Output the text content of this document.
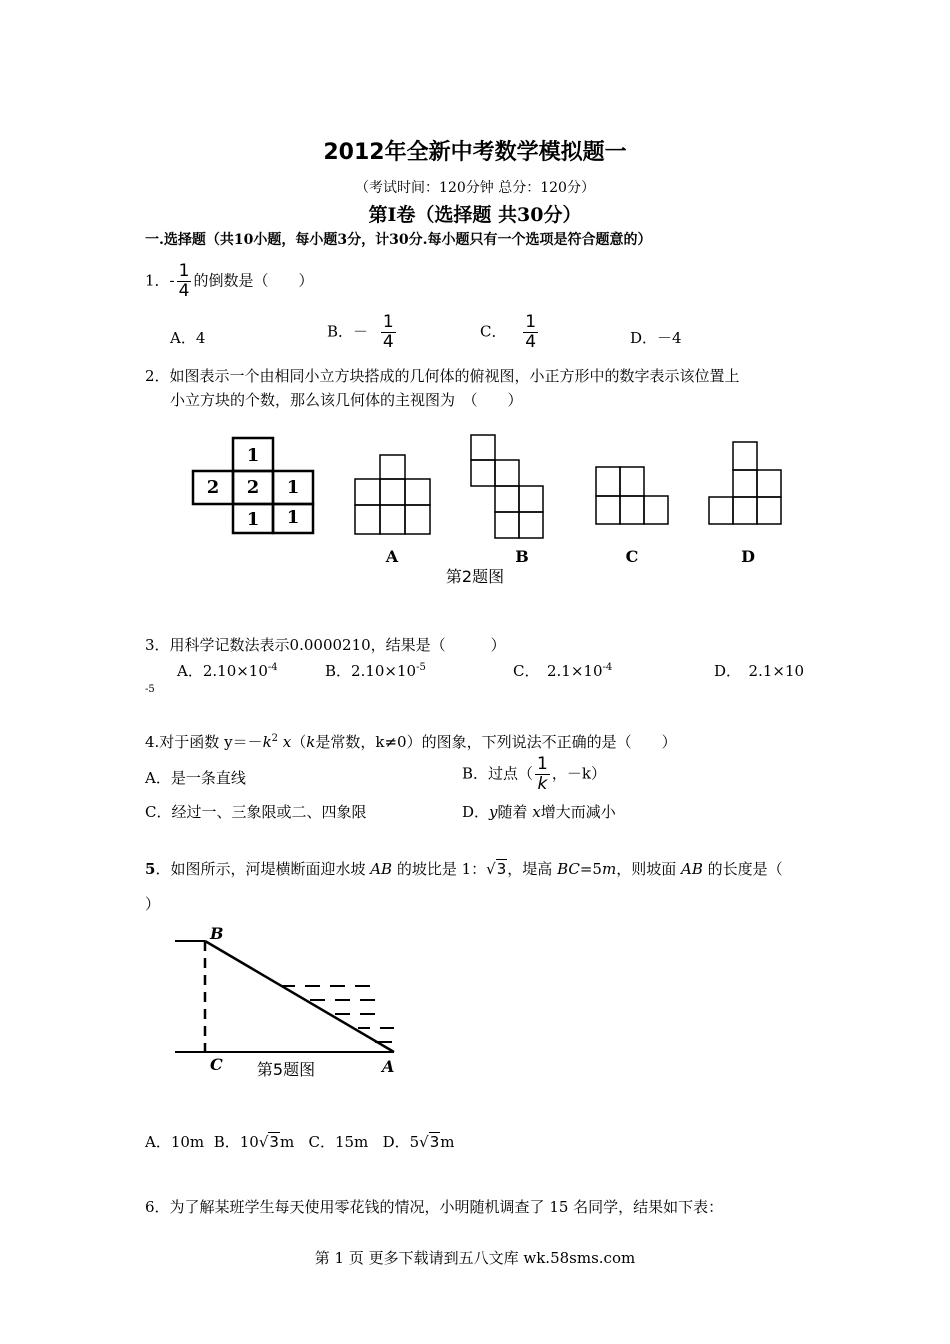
2012年全新中考数学模拟题一
（考试时间：120分钟 总分：120分）
第Ⅰ卷（选择题 共30分）
一.选择题（共10小题，每小题3分，计30分.每小题只有一个选项是符合题意的）
1．- $\frac{1}{4}$ 的倒数是（　　）
A．4	B．－ $\frac{1}{4}$	C． $\frac{1}{4}$	D．－4
2．如图表示一个由相同小立方块搭成的几何体的俯视图，小正方形中的数字表示该位置上
小立方块的个数，那么该几何体的主视图为　（　　）
1
2 2 1
1 1
A	B	C	D
第2题图
3．用科学记数法表示0.0000210，结果是（　　　）
A．$2.10\times 10^{-4}$	B．$2.10\times 10^{-5}$	C．　$2.1\times 10^{-4}$	D．　2.1×10
-5
4.对于函数 $y=-k^2$ x（k是常数，k≠0）的图象，下列说法不正确的是（　　）
A．是一条直线	B．过点（ $\frac{1}{k}$ ，－k）
C．经过一、三象限或二、四象限	D．y随着 x增大而减小
5．如图所示，河堤横断面迎水坡 AB 的坡比是 1：√3，堤高 BC=5m，则坡面 AB 的长度是（
）
B
C	A
第5题图
A．10m B．10√3m C．15m D．5√3m
6．为了解某班学生每天使用零花钱的情况，小明随机调查了 15 名同学，结果如下表：
第 1 页 更多下载请到五八文库 wk.58sms.com
